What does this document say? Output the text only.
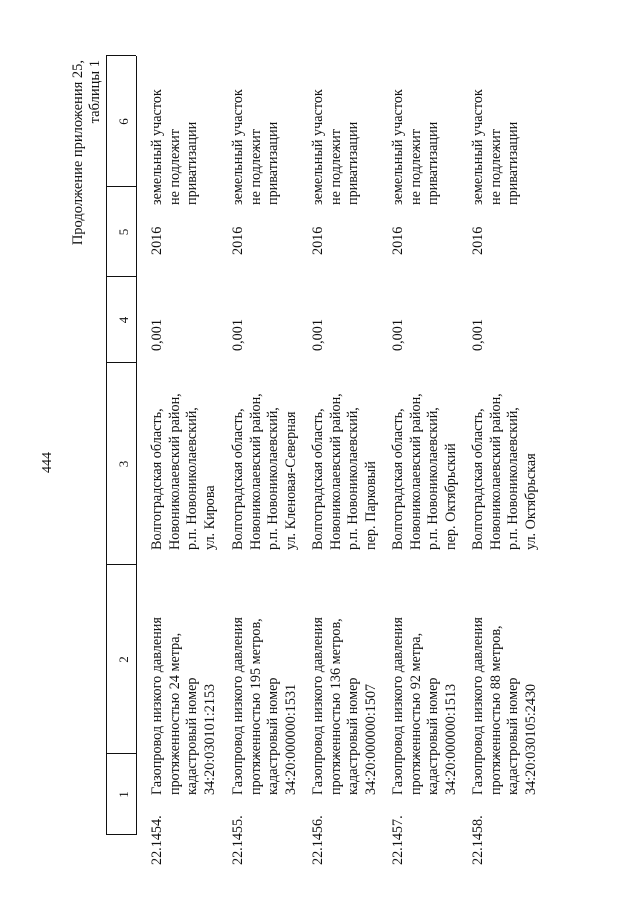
444
Продолжение приложения 25, таблицы 1
1
2
3
4
5
6
22.1454.
Газопровод низкого давления протяженностью 24 метра, кадастровый номер 34:20:030101:2153
Волгоградская область, Новониколаевский район, р.п. Новониколаевский, ул. Кирова
0,001
2016
земельный участок не подлежит приватизации
22.1455.
Газопровод низкого давления протяженностью 195 метров, кадастровый номер 34:20:000000:1531
Волгоградская область, Новониколаевский район, р.п. Новониколаевский, ул. Кленовая-Северная
0,001
2016
земельный участок не подлежит приватизации
22.1456.
Газопровод низкого давления протяженностью 136 метров, кадастровый номер 34:20:000000:1507
Волгоградская область, Новониколаевский район, р.п. Новониколаевский, пер. Парковый
0,001
2016
земельный участок не подлежит приватизации
22.1457.
Газопровод низкого давления протяженностью 92 метра, кадастровый номер 34:20:000000:1513
Волгоградская область, Новониколаевский район, р.п. Новониколаевский, пер. Октябрьский
0,001
2016
земельный участок не подлежит приватизации
22.1458.
Газопровод низкого давления протяженностью 88 метров, кадастровый номер 34:20:030105:2430
Волгоградская область, Новониколаевский район, р.п. Новониколаевский, ул. Октябрьская
0,001
2016
земельный участок не подлежит приватизации
